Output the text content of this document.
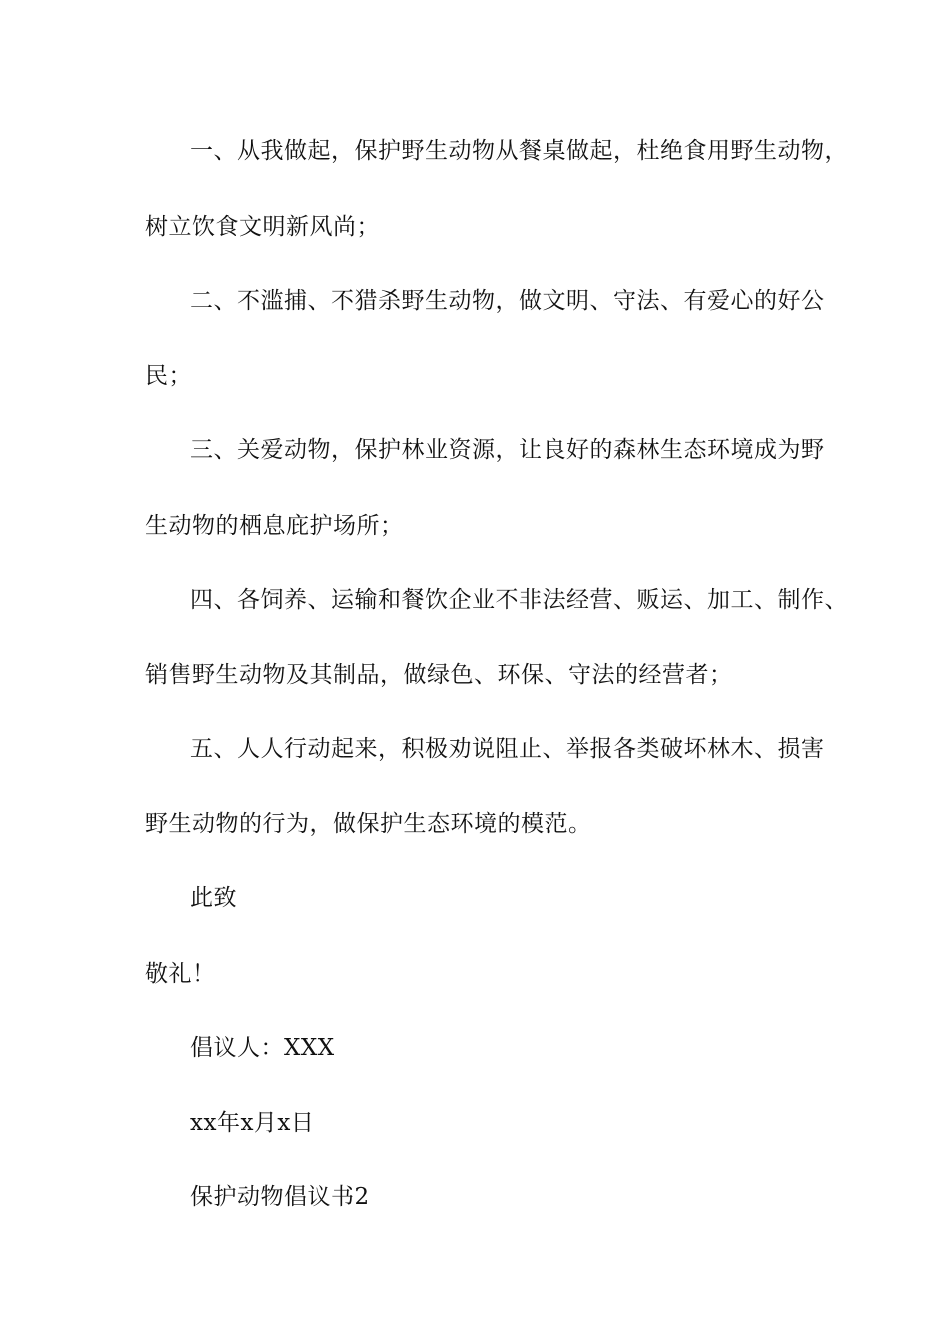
一、从我做起，保护野生动物从餐桌做起，杜绝食用野生动物，
树立饮食文明新风尚；
二、不滥捕、不猎杀野生动物，做文明、守法、有爱心的好公
民；
三、关爱动物，保护林业资源，让良好的森林生态环境成为野
生动物的栖息庇护场所；
四、各饲养、运输和餐饮企业不非法经营、贩运、加工、制作、
销售野生动物及其制品，做绿色、环保、守法的经营者；
五、人人行动起来，积极劝说阻止、举报各类破坏林木、损害
野生动物的行为，做保护生态环境的模范。
此致
敬礼！
倡议人：XXX
xx年x月x日
保护动物倡议书2
